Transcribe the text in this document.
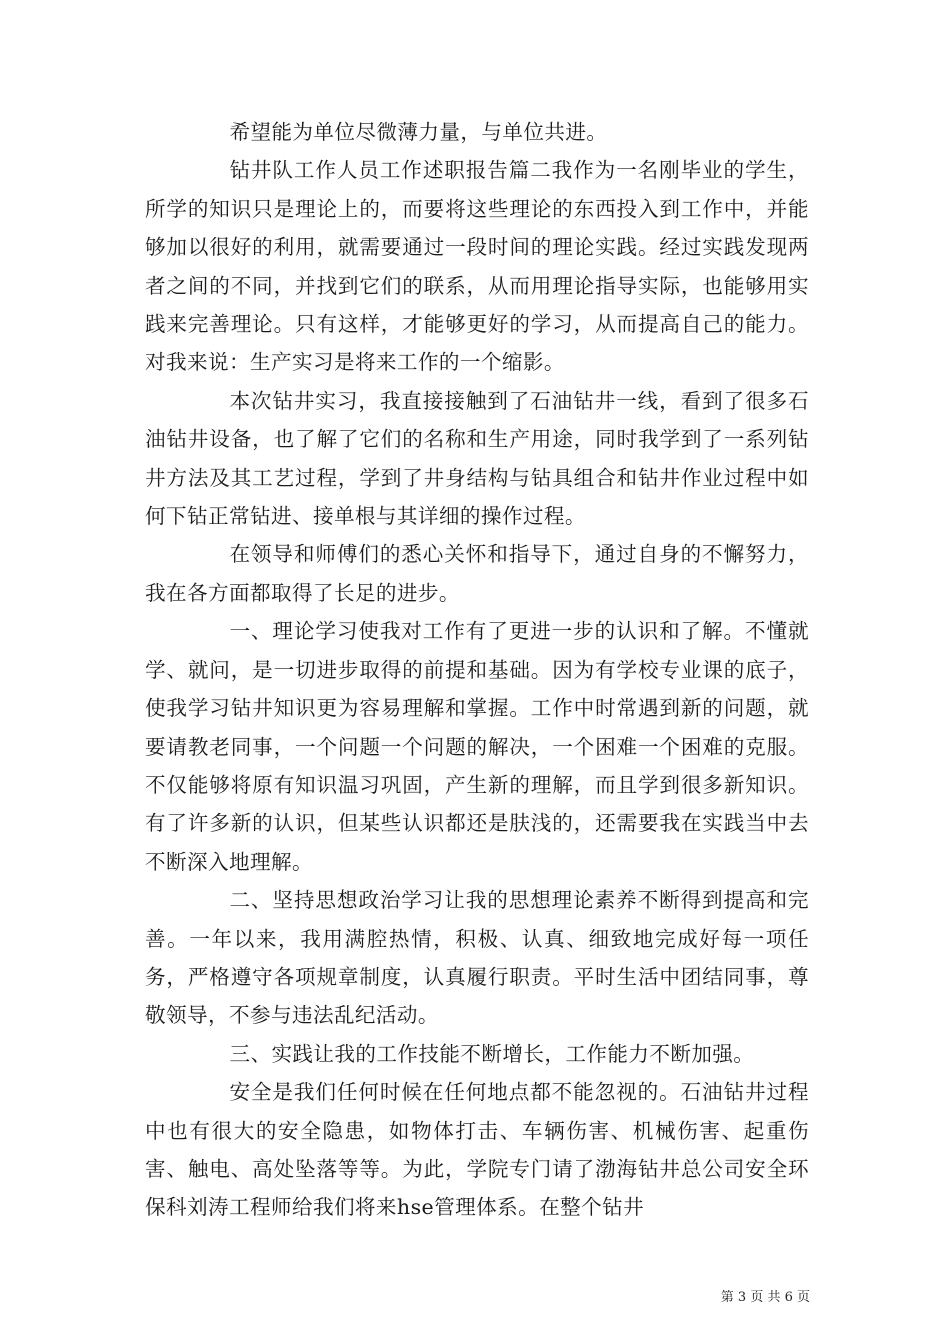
希望能为单位尽微薄力量，与单位共进。

钻井队工作人员工作述职报告篇二我作为一名刚毕业的学生，所学的知识只是理论上的，而要将这些理论的东西投入到工作中，并能够加以很好的利用，就需要通过一段时间的理论实践。经过实践发现两者之间的不同，并找到它们的联系，从而用理论指导实际，也能够用实践来完善理论。只有这样，才能够更好的学习，从而提高自己的能力。对我来说：生产实习是将来工作的一个缩影。

本次钻井实习，我直接接触到了石油钻井一线，看到了很多石油钻井设备，也了解了它们的名称和生产用途，同时我学到了一系列钻井方法及其工艺过程，学到了井身结构与钻具组合和钻井作业过程中如何下钻正常钻进、接单根与其详细的操作过程。

在领导和师傅们的悉心关怀和指导下，通过自身的不懈努力，我在各方面都取得了长足的进步。

一、理论学习使我对工作有了更进一步的认识和了解。不懂就学、就问，是一切进步取得的前提和基础。因为有学校专业课的底子，使我学习钻井知识更为容易理解和掌握。工作中时常遇到新的问题，就要请教老同事，一个问题一个问题的解决，一个困难一个困难的克服。不仅能够将原有知识温习巩固，产生新的理解，而且学到很多新知识。有了许多新的认识，但某些认识都还是肤浅的，还需要我在实践当中去不断深入地理解。

二、坚持思想政治学习让我的思想理论素养不断得到提高和完善。一年以来，我用满腔热情，积极、认真、细致地完成好每一项任务，严格遵守各项规章制度，认真履行职责。平时生活中团结同事，尊敬领导，不参与违法乱纪活动。

三、实践让我的工作技能不断增长，工作能力不断加强。

安全是我们任何时候在任何地点都不能忽视的。石油钻井过程中也有很大的安全隐患，如物体打击、车辆伤害、机械伤害、起重伤害、触电、高处坠落等等。为此，学院专门请了渤海钻井总公司安全环保科刘涛工程师给我们将来hse管理体系。在整个钻井

第 3 页 共 6 页
